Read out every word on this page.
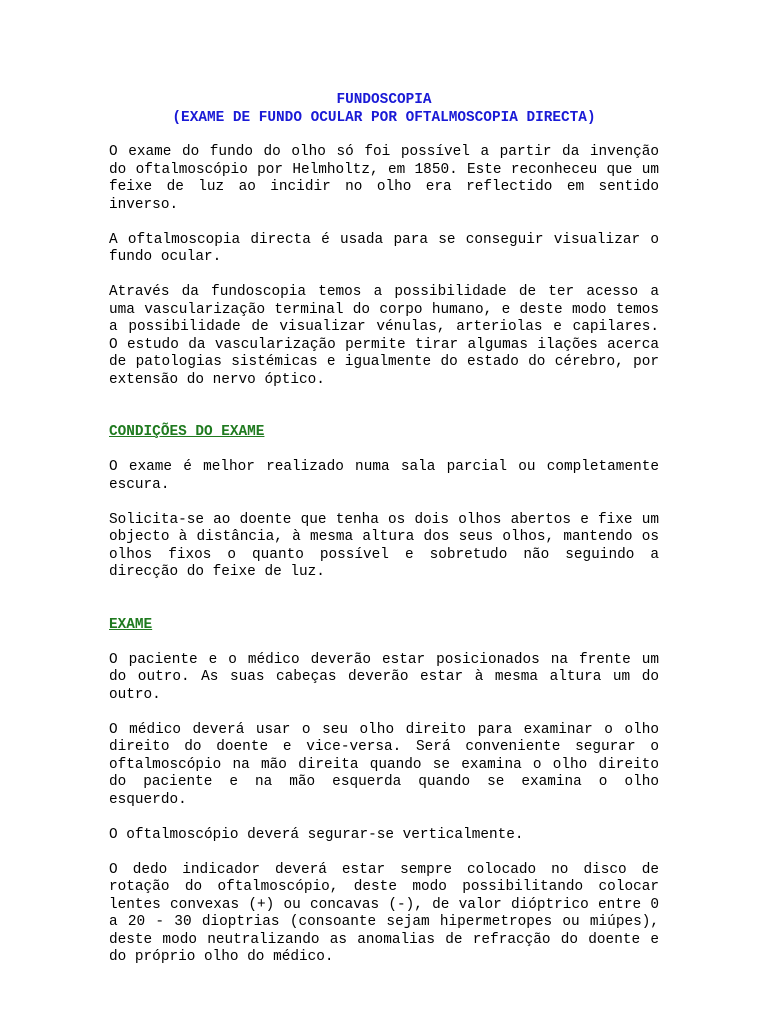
FUNDOSCOPIA
(EXAME DE FUNDO OCULAR POR OFTALMOSCOPIA DIRECTA)

O exame do fundo do olho só foi possível a partir da invenção do oftalmoscópio por Helmholtz, em 1850. Este reconheceu que um feixe de luz ao incidir no olho era reflectido em sentido inverso.

A oftalmoscopia directa é usada para se conseguir visualizar o fundo ocular.

Através da fundoscopia temos a possibilidade de ter acesso a uma vascularização terminal do corpo humano, e deste modo temos a possibilidade de visualizar vénulas, arteriolas e capilares. O estudo da vascularização permite tirar algumas ilações acerca de patologias sistémicas e igualmente do estado do cérebro, por extensão do nervo óptico.

CONDIÇÕES DO EXAME

O exame é melhor realizado numa sala parcial ou completamente escura.

Solicita-se ao doente que tenha os dois olhos abertos e fixe um objecto à distância, à mesma altura dos seus olhos, mantendo os olhos fixos o quanto possível e sobretudo não seguindo a direcção do feixe de luz.

EXAME

O paciente e o médico deverão estar posicionados na frente um do outro. As suas cabeças deverão estar à mesma altura um do outro.

O médico deverá usar o seu olho direito para examinar o olho direito do doente e vice-versa. Será conveniente segurar o oftalmoscópio na mão direita quando se examina o olho direito do paciente e na mão esquerda quando se examina o olho esquerdo.

O oftalmoscópio deverá segurar-se verticalmente.

O dedo indicador deverá estar sempre colocado no disco de rotação do oftalmoscópio, deste modo possibilitando colocar lentes convexas (+) ou concavas (-), de valor dióptrico entre 0 a 20 - 30 dioptrias (consoante sejam hipermetropes ou miúpes), deste modo neutralizando as anomalias de refracção do doente e do próprio olho do médico.
